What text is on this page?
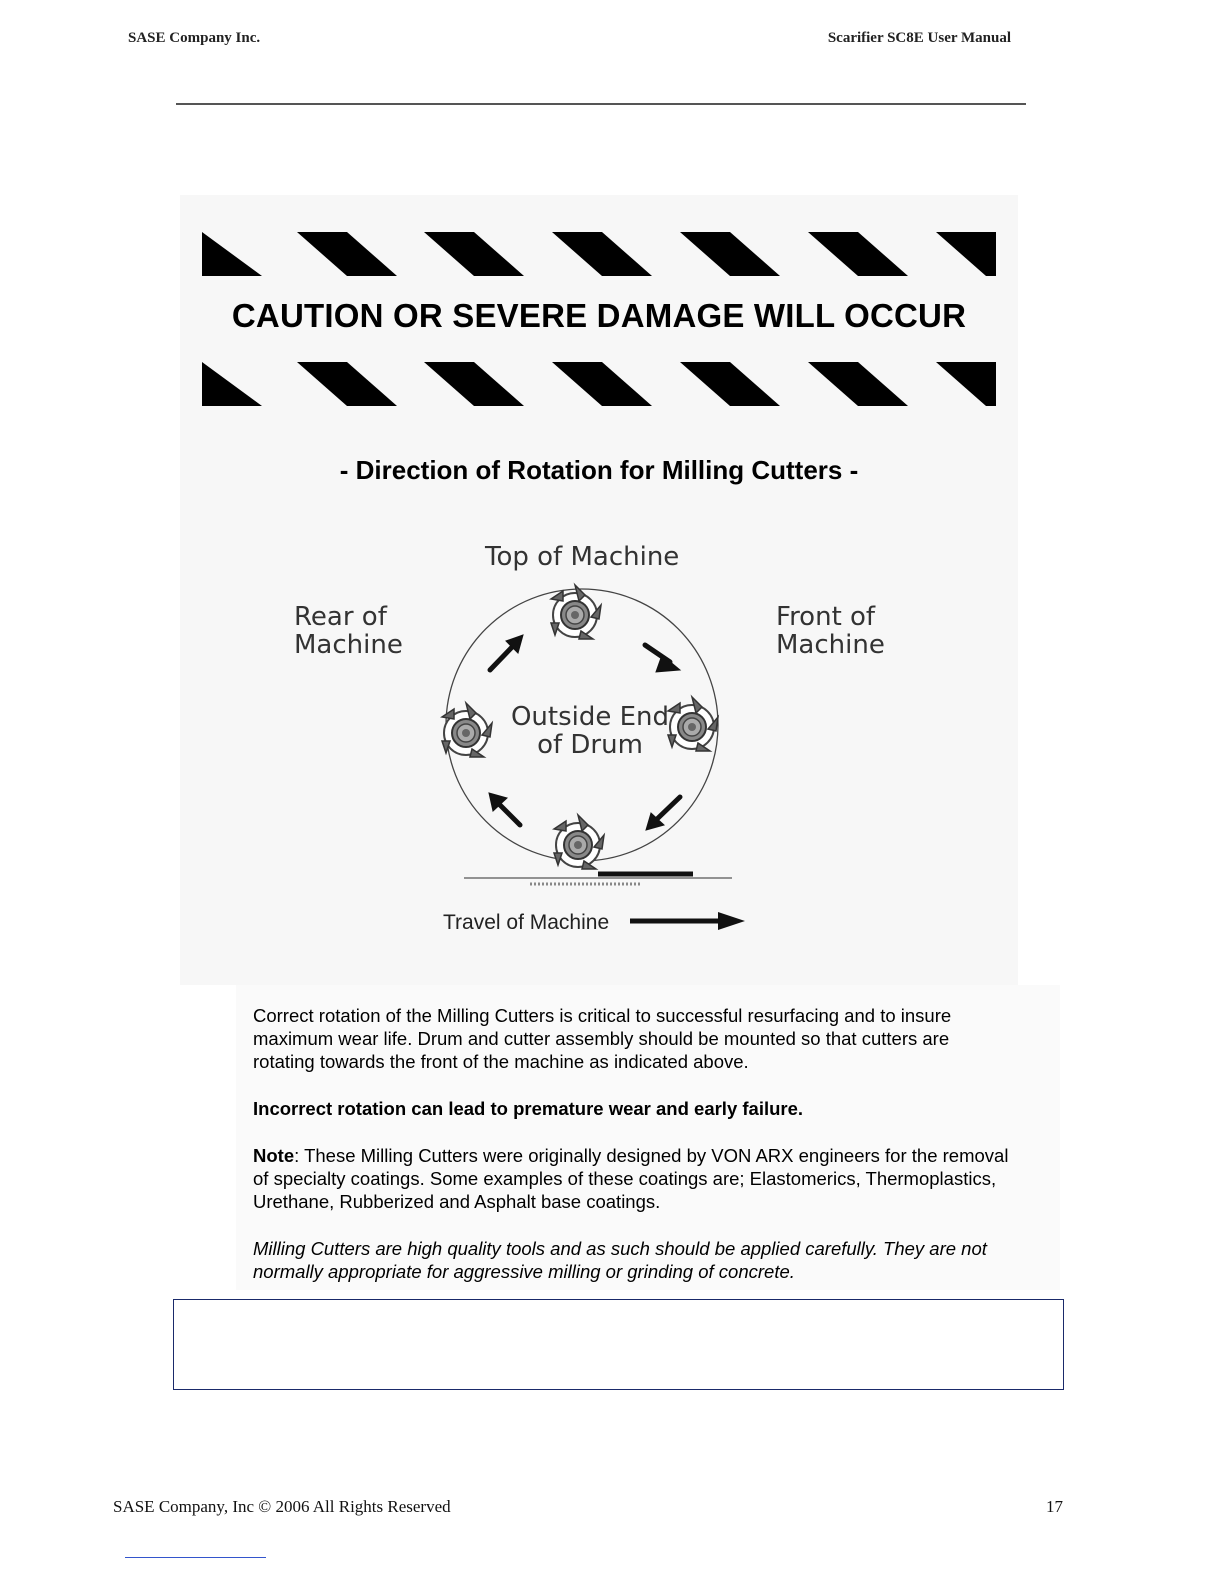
SASE Company Inc.	Scarifier SC8E User Manual
CAUTION OR SEVERE DAMAGE WILL OCCUR
- Direction of Rotation for Milling Cutters -
Top of Machine
Rear of
Machine
Front of
Machine
Outside End
of Drum
Travel of Machine

Correct rotation of the Milling Cutters is critical to successful resurfacing and to insure maximum wear life. Drum and cutter assembly should be mounted so that cutters are rotating towards the front of the machine as indicated above.

Incorrect rotation can lead to premature wear and early failure.

Note: These Milling Cutters were originally designed by VON ARX engineers for the removal of specialty coatings. Some examples of these coatings are; Elastomerics, Thermoplastics, Urethane, Rubberized and Asphalt base coatings.

Milling Cutters are high quality tools and as such should be applied carefully. They are not normally appropriate for aggressive milling or grinding of concrete.

SASE Company, Inc © 2006 All Rights Reserved	17
